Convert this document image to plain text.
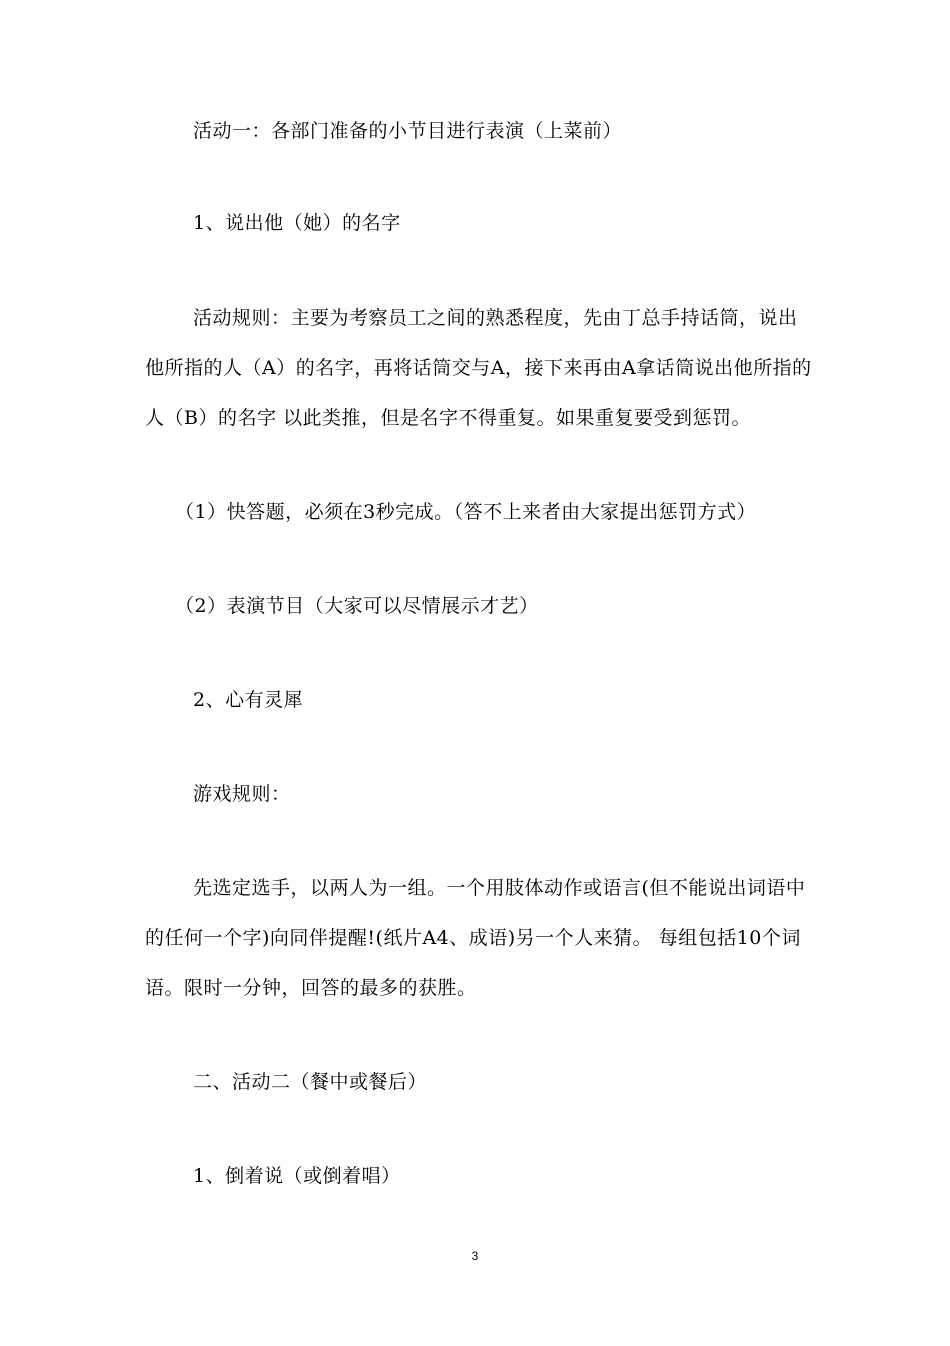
活动一：各部门准备的小节目进行表演（上菜前）
1、说出他（她）的名字
活动规则：主要为考察员工之间的熟悉程度，先由丁总手持话筒，说出
他所指的人（A）的名字，再将话筒交与A，接下来再由A拿话筒说出他所指的
人（B）的名字 以此类推，但是名字不得重复。如果重复要受到惩罚。
（1）快答题，必须在3秒完成。（答不上来者由大家提出惩罚方式）
（2）表演节目（大家可以尽情展示才艺）
2、心有灵犀
游戏规则：
先选定选手，以两人为一组。一个用肢体动作或语言(但不能说出词语中
的任何一个字)向同伴提醒!(纸片A4、成语)另一个人来猜。 每组包括10个词
语。限时一分钟，回答的最多的获胜。
二、活动二（餐中或餐后）
1、倒着说（或倒着唱）
3
